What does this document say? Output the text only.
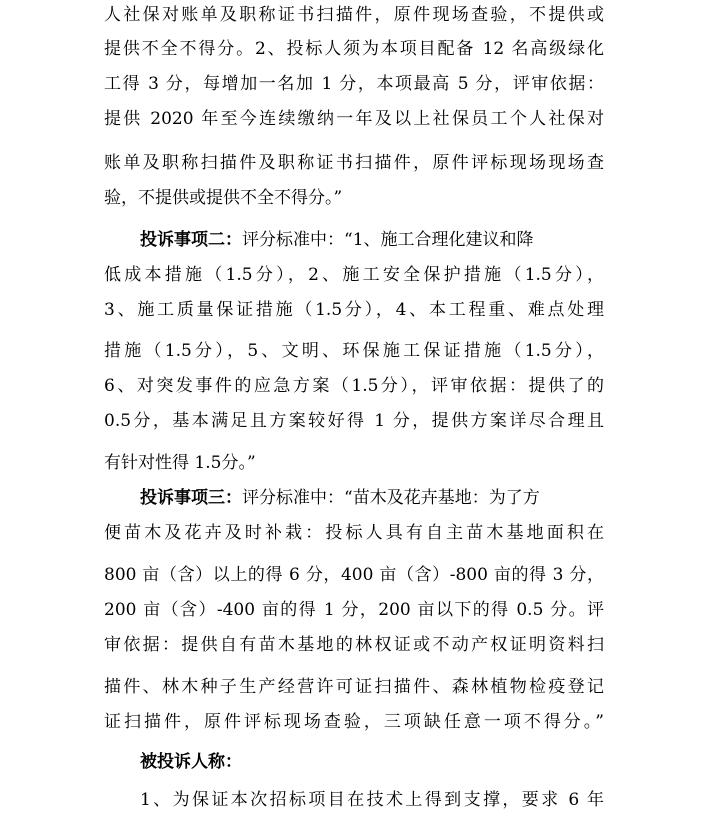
人社保对账单及职称证书扫描件，原件现场查验，不提供或
提供不全不得分。2、投标人须为本项目配备 12 名高级绿化
工得 3 分，每增加一名加 1 分，本项最高 5 分，评审依据：
提供 2020 年至今连续缴纳一年及以上社保员工个人社保对
账单及职称扫描件及职称证书扫描件，原件评标现场现场查
验，不提供或提供不全不得分。”
投诉事项二：评分标准中：“1、施工合理化建议和降
低成本措施（1.5分），2、施工安全保护措施（1.5分），
3、施工质量保证措施（1.5分），4、本工程重、难点处理
措施（1.5分），5、文明、环保施工保证措施（1.5分），
6、对突发事件的应急方案（1.5分），评审依据：提供了的
0.5分，基本满足且方案较好得 1 分，提供方案详尽合理且
有针对性得 1.5分。”
投诉事项三：评分标准中：“苗木及花卉基地：为了方
便苗木及花卉及时补栽：投标人具有自主苗木基地面积在
800 亩（含）以上的得 6 分，400 亩（含）-800 亩的得 3 分，
200 亩（含）-400 亩的得 1 分，200 亩以下的得 0.5 分。评
审依据：提供自有苗木基地的林权证或不动产权证明资料扫
描件、林木种子生产经营许可证扫描件、森林植物检疫登记
证扫描件，原件评标现场查验，三项缺任意一项不得分。”
被投诉人称：
1、为保证本次招标项目在技术上得到支撑，要求 6 年
